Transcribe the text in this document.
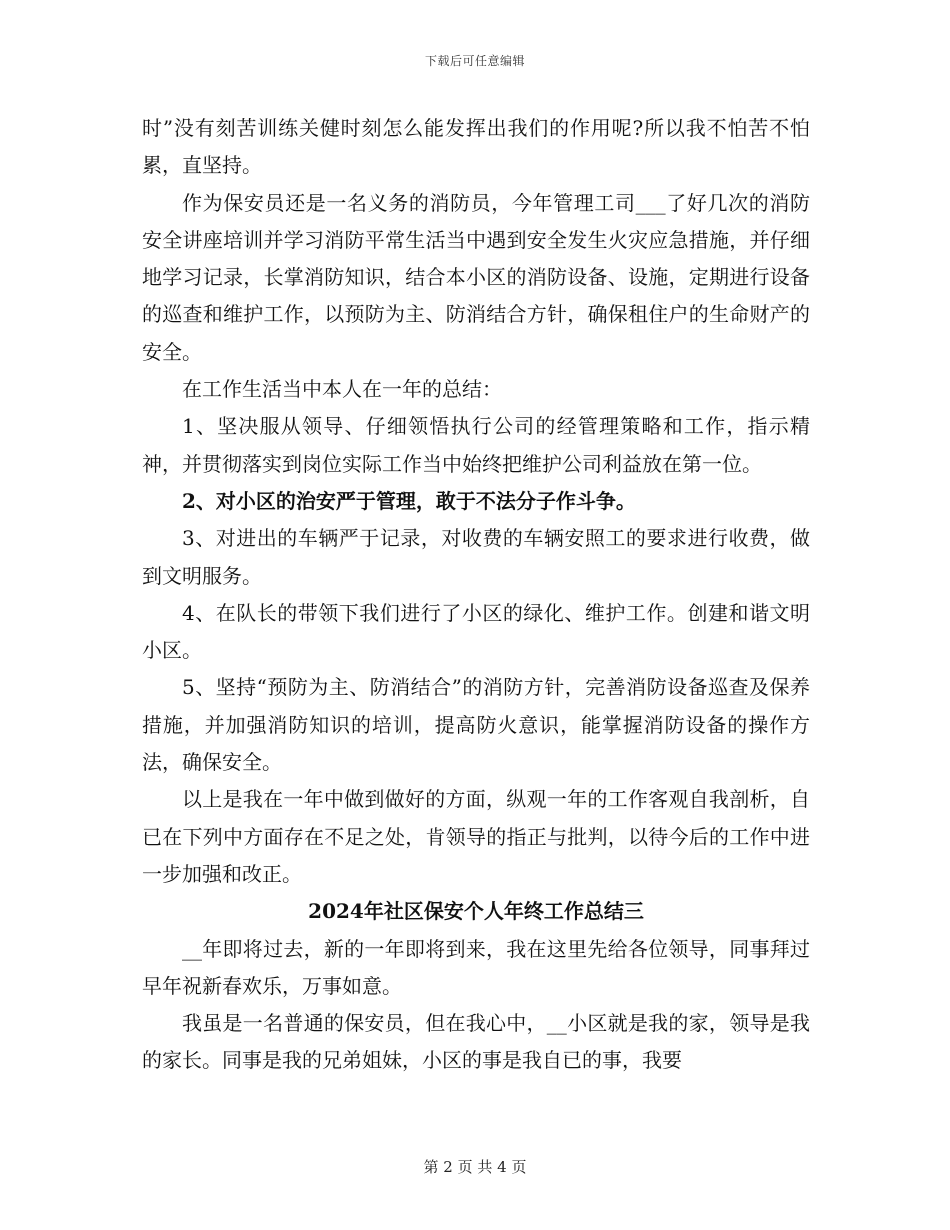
下载后可任意编辑

时”没有刻苦训练关健时刻怎么能发挥出我们的作用呢?所以我不怕苦不怕累，直坚持。

作为保安员还是一名义务的消防员，今年管理工司___了好几次的消防安全讲座培训并学习消防平常生活当中遇到安全发生火灾应急措施，并仔细地学习记录，长掌消防知识，结合本小区的消防设备、设施，定期进行设备的巡查和维护工作，以预防为主、防消结合方针，确保租住户的生命财产的安全。

在工作生活当中本人在一年的总结：

1、坚决服从领导、仔细领悟执行公司的经管理策略和工作，指示精神，并贯彻落实到岗位实际工作当中始终把维护公司利益放在第一位。

2、对小区的治安严于管理，敢于不法分子作斗争。

3、对进出的车辆严于记录，对收费的车辆安照工的要求进行收费，做到文明服务。

4、在队长的带领下我们进行了小区的绿化、维护工作。创建和谐文明小区。

5、坚持“预防为主、防消结合”的消防方针，完善消防设备巡查及保养措施，并加强消防知识的培训，提高防火意识，能掌握消防设备的操作方法，确保安全。

以上是我在一年中做到做好的方面，纵观一年的工作客观自我剖析，自已在下列中方面存在不足之处，肯领导的指正与批判，以待今后的工作中进一步加强和改正。

2024年社区保安个人年终工作总结三

__年即将过去，新的一年即将到来，我在这里先给各位领导，同事拜过早年祝新春欢乐，万事如意。

我虽是一名普通的保安员，但在我心中，__小区就是我的家，领导是我的家长。同事是我的兄弟姐妹，小区的事是我自已的事，我要

第 2 页 共 4 页
